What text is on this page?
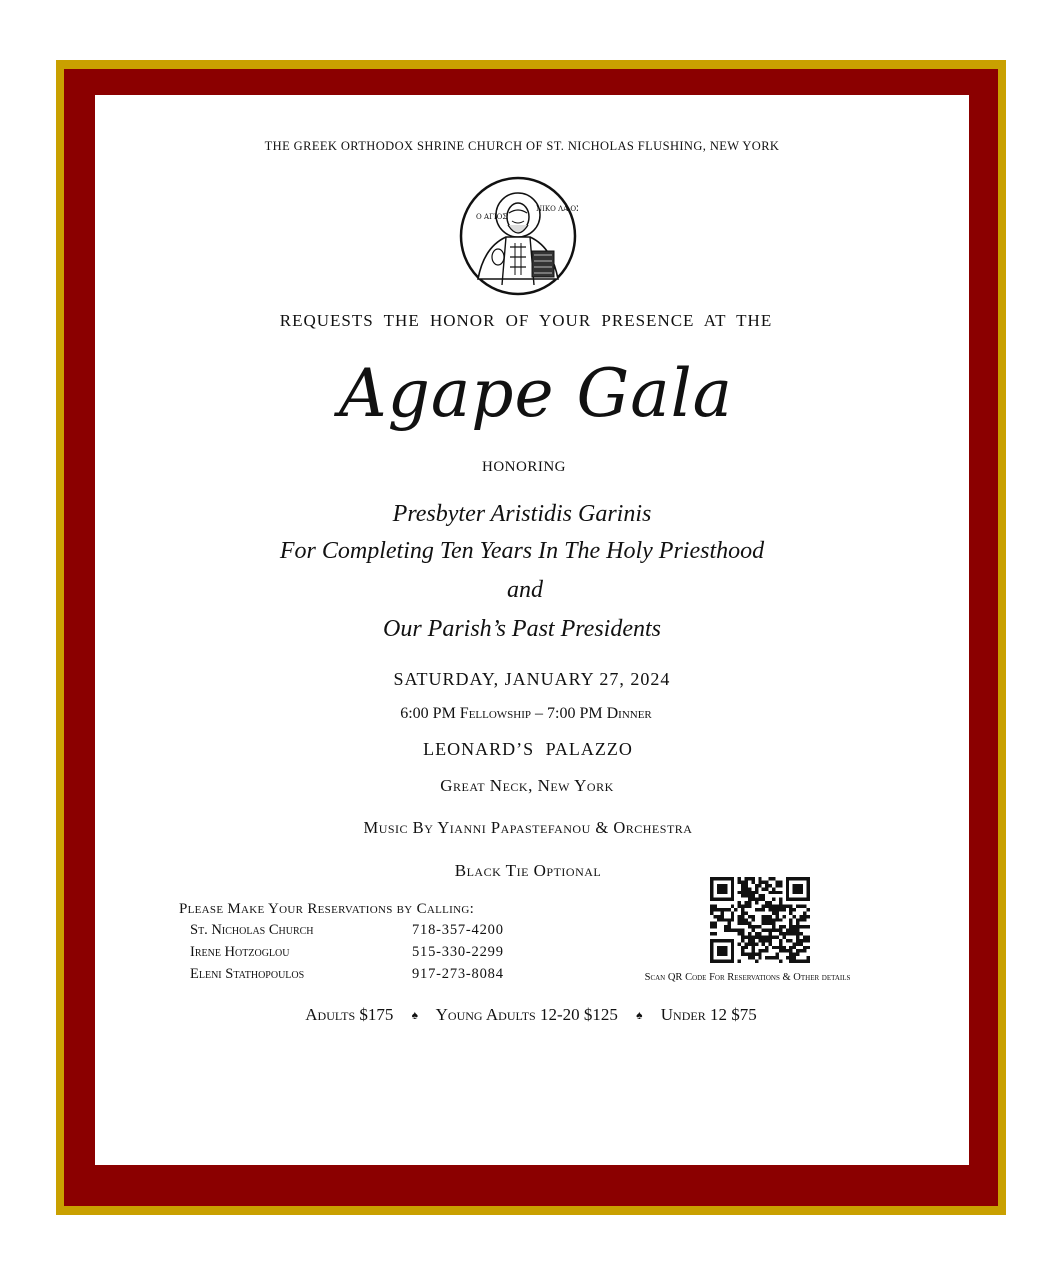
THE GREEK ORTHODOX SHRINE CHURCH OF ST. NICHOLAS FLUSHING, NEW YORK
Ο ΑΓΙΟΣ
ΝΙΚΟ ΛΑ ΟΣ
REQUESTS THE HONOR OF YOUR PRESENCE AT THE
Agape Gala
HONORING
Presbyter Aristidis Garinis
For Completing Ten Years In The Holy Priesthood
and
Our Parish’s Past Presidents
SATURDAY, JANUARY 27, 2024
6:00 PM Fellowship – 7:00 PM Dinner
LEONARD’S PALAZZO
Great Neck, New York
Music By Yianni Papastefanou & Orchestra
Black Tie Optional
Please Make Your Reservations by Calling:
St. Nicholas Church	718-357-4200
Irene Hotzoglou	515-330-2299
Eleni Stathopoulos	917-273-8084	Scan QR Code For Reservations & Other details
Adults $175 ♠ Young Adults 12-20 $125 ♠ Under 12 $75
